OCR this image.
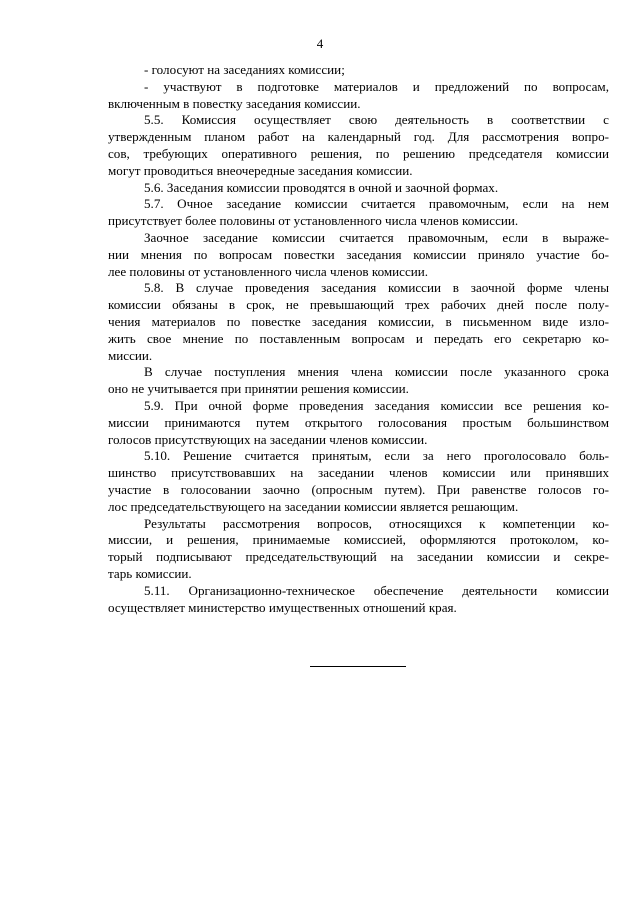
4
- голосуют на заседаниях комиссии;
- участвуют в подготовке материалов и предложений по вопросам,
включенным в повестку заседания комиссии.
5.5. Комиссия осуществляет свою деятельность в соответствии с
утвержденным планом работ на календарный год. Для рассмотрения вопро-
сов, требующих оперативного решения, по решению председателя комиссии
могут проводиться внеочередные заседания комиссии.
5.6. Заседания комиссии проводятся в очной и заочной формах.
5.7. Очное заседание комиссии считается правомочным, если на нем
присутствует более половины от установленного числа членов комиссии.
Заочное заседание комиссии считается правомочным, если в выраже-
нии мнения по вопросам повестки заседания комиссии приняло участие бо-
лее половины от установленного числа членов комиссии.
5.8. В случае проведения заседания комиссии в заочной форме члены
комиссии обязаны в срок, не превышающий трех рабочих дней после полу-
чения материалов по повестке заседания комиссии, в письменном виде изло-
жить свое мнение по поставленным вопросам и передать его секретарю ко-
миссии.
В случае поступления мнения члена комиссии после указанного срока
оно не учитывается при принятии решения комиссии.
5.9. При очной форме проведения заседания комиссии все решения ко-
миссии принимаются путем открытого голосования простым большинством
голосов присутствующих на заседании членов комиссии.
5.10. Решение считается принятым, если за него проголосовало боль-
шинство присутствовавших на заседании членов комиссии или принявших
участие в голосовании заочно (опросным путем). При равенстве голосов го-
лос председательствующего на заседании комиссии является решающим.
Результаты рассмотрения вопросов, относящихся к компетенции ко-
миссии, и решения, принимаемые комиссией, оформляются протоколом, ко-
торый подписывают председательствующий на заседании комиссии и секре-
тарь комиссии.
5.11. Организационно-техническое обеспечение деятельности комиссии
осуществляет министерство имущественных отношений края.
